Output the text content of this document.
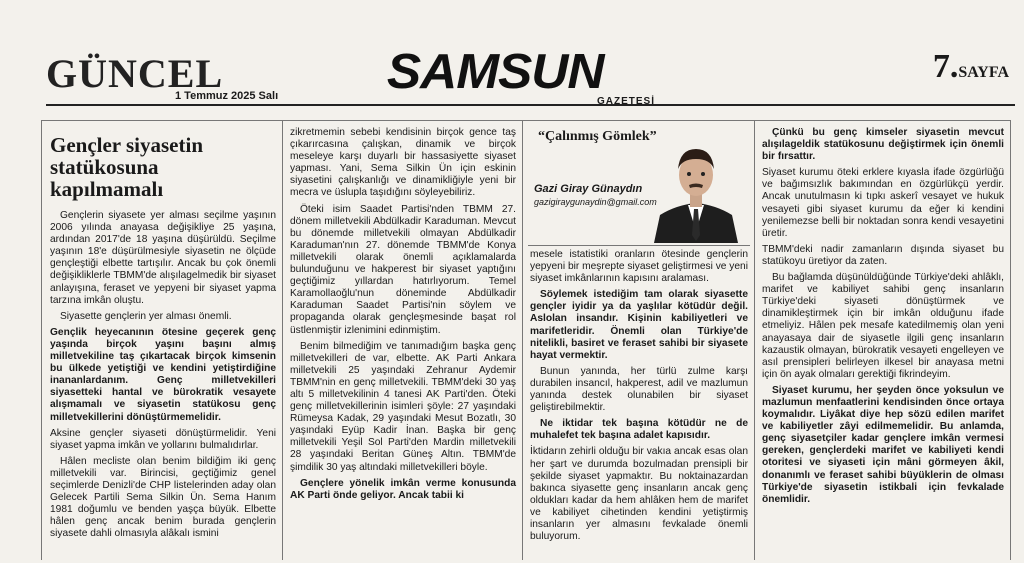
GÜNCEL
1 Temmuz 2025 Salı SAMSUN
GAZETESİ
7.SAYFA
Gençler siyasetin
statükosuna kapılmamalı

Gençlerin siyasete yer alması seçilme yaşının 2006 yılında anayasa değişikliye 25 yaşına, ardından 2017'de 18 yaşına düşürüldü. Seçilme yaşının 18'e düşürülmesiyle siyasetin ne ölçüde gençleştiği elbette tartışılır. Ancak bu çok önemli değişikliklerle TBMM'de alışılagelmedik bir siyaset anlayışına, feraset ve yepyeni bir siyaset yapma tarzına imkân oluştu.

Siyasette gençlerin yer alması önemli.

Gençlik heyecanının ötesine geçerek genç yaşında birçok yaşını başını almış milletvekiline taş çıkartacak birçok kimsenin bu ülkede yetiştiği ve kendini yetiştirdiğine inananlardanım. Genç milletvekilleri siyasetteki hantal ve bürokratik vesayete alışmamalı ve siyasetin statükosu genç milletvekillerini dönüştürmemelidir.

Aksine gençler siyaseti dönüştürmelidir. Yeni siyaset yapma imkân ve yollarını bulmalıdırlar.

Hâlen mecliste olan benim bildiğim iki genç milletvekili var. Birincisi, geçtiğimiz genel seçimlerde Denizli'de CHP listelerinden aday olan Gelecek Partili Sema Silkin Ün. Sema Hanım 1981 doğumlu ve benden yaşça büyük. Elbette hâlen genç ancak benim burada gençlerin siyasete dahli olmasıyla alâkalı ismini

zikretmemin sebebi kendisinin birçok gence taş çıkarırcasına çalışkan, dinamik ve birçok meseleye karşı duyarlı bir hassasiyette siyaset yapması. Yani, Sema Silkin Ün için eskinin siyasetini çalışkanlığı ve dinamikliğiyle yeni bir mecra ve üslupla taşıdığını söyleyebiliriz.

Öteki isim Saadet Partisi'nden TBMM 27. dönem milletvekili Abdülkadir Karaduman. Mevcut bu dönemde milletvekili olmayan Abdülkadir Karaduman'nın 27. dönemde TBMM'de Konya milletvekili olarak önemli açıklamalarda bulunduğunu ve hakperest bir siyaset yaptığını geçtiğimiz yıllardan hatırlıyorum. Temel Karamollaoğlu'nun döneminde Abdülkadir Karaduman Saadet Partisi'nin söylem ve propaganda olarak gençleşmesinde başat rol üstlenmiştir izlenimini edinmiştim.

Benim bilmediğim ve tanımadığım başka genç milletvekilleri de var, elbette. AK Parti Ankara milletvekili 25 yaşındaki Zehranur Aydemir TBMM'nin en genç milletvekili. TBMM'deki 30 yaş altı 5 milletvekilinin 4 tanesi AK Parti'den. Öteki genç milletvekillerinin isimleri şöyle: 27 yaşındaki Rümeysa Kadak, 29 yaşındaki Mesut Bozatlı, 30 yaşındaki Eyüp Kadir İnan. Başka bir genç milletvekili Yeşil Sol Parti'den Mardin milletvekili 28 yaşındaki Beritan Güneş Altın. TBMM'de şimdilik 30 yaş altındaki milletvekilleri böyle.

Gençlere yönelik imkân verme konusunda AK Parti önde geliyor. Ancak tabii ki

“Çalınmış Gömlek”
Gazi Giray Günaydın
gazigiraygunaydin@gmail.com

mesele istatistiki oranların ötesinde gençlerin yepyeni bir meşrepte siyaset geliştirmesi ve yeni siyaset imkânlarının kapısını aralaması.

Söylemek istediğim tam olarak siyasette gençler iyidir ya da yaşlılar kötüdür değil. Aslolan insandır. Kişinin kabiliyetleri ve marifetleridir. Önemli olan Türkiye'de nitelikli, basiret ve feraset sahibi bir siyasete hayat vermektir.

Bunun yanında, her türlü zulme karşı durabilen insancıl, hakperest, adil ve mazlumun yanında destek olunabilen bir siyaset geliştirebilmektir.

Ne iktidar tek başına kötüdür ne de muhalefet tek başına adalet kapısıdır.

İktidarın zehirli olduğu bir vakıa ancak esas olan her şart ve durumda bozulmadan prensipli bir şekilde siyaset yapmaktır. Bu noktainazardan bakınca siyasette genç insanların ancak genç oldukları kadar da hem ahlâken hem de marifet ve kabiliyet cihetinden kendini yetiştirmiş insanların yer almasını fevkalade önemli buluyorum.

Çünkü bu genç kimseler siyasetin mevcut alışılageldik statükosunu değiştirmek için önemli bir fırsattır.

Siyaset kurumu öteki erklere kıyasla ifade özgürlüğü ve bağımsızlık bakımından en özgürlükçü yerdir. Ancak unutulmasın ki tıpkı askerî vesayet ve hukuk vesayeti gibi siyaset kurumu da eğer ki kendini yenilemezse belli bir noktadan sonra kendi vesayetini üretir.

TBMM'deki nadir zamanların dışında siyaset bu statükoyu üretiyor da zaten.

Bu bağlamda düşünüldüğünde Türkiye'deki ahlâklı, marifet ve kabiliyet sahibi genç insanların Türkiye'deki siyaseti dönüştürmek ve dinamikleştirmek için bir imkân olduğunu ifade etmeliyiz. Hâlen pek mesafe katedilmemiş olan yeni anayasaya dair de siyasetle ilgili genç insanların kazaustik olmayan, bürokratik vesayeti engelleyen ve asıl prensipleri belirleyen ilkesel bir anayasa metni için ön ayak olmaları gerektiği fikrindeyim.

Siyaset kurumu, her şeyden önce yoksulun ve mazlumun menfaatlerini kendisinden önce ortaya koymalıdır. Liyâkat diye hep sözü edilen marifet ve kabiliyetler zâyi edilmemelidir. Bu anlamda, genç siyasetçiler kadar gençlere imkân vermesi gereken, gençlerdeki marifet ve kabiliyeti kendi otoritesi ve siyaseti için mâni görmeyen âkil, donanımlı ve feraset sahibi büyüklerin de olması Türkiye'de siyasetin istikbali için fevkalade önemlidir.
